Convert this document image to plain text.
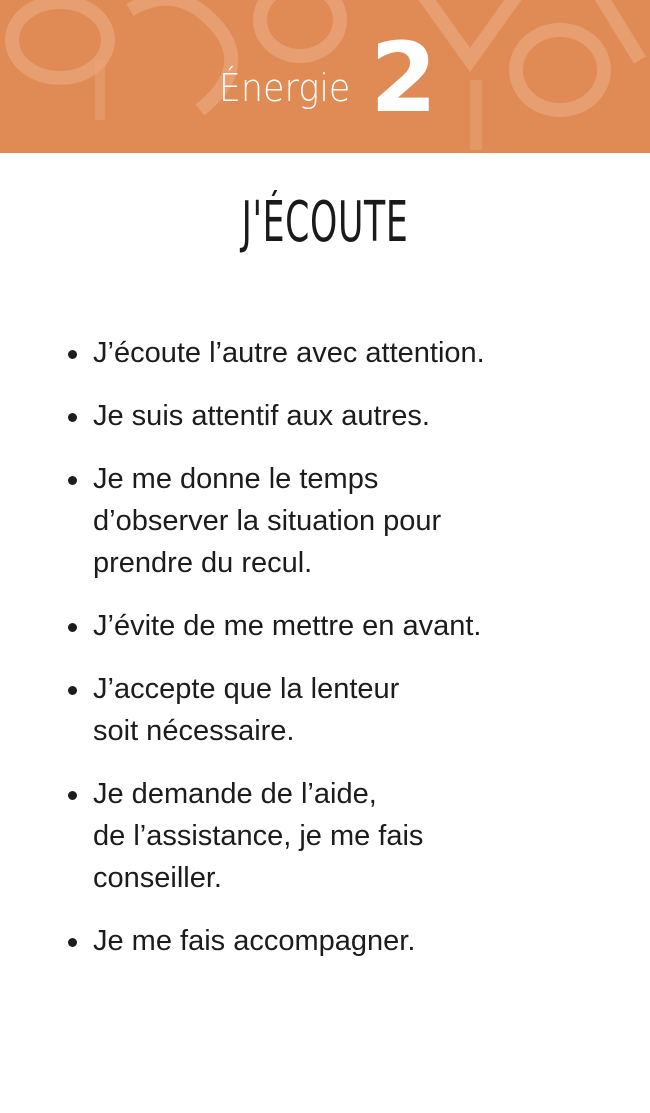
Énergie 2
J'ÉCOUTE
J’écoute l’autre avec attention.
Je suis attentif aux autres.
Je me donne le temps
d’observer la situation pour
prendre du recul.
J’évite de me mettre en avant.
J’accepte que la lenteur
soit nécessaire.
Je demande de l’aide,
de l’assistance, je me fais
conseiller.
Je me fais accompagner.
